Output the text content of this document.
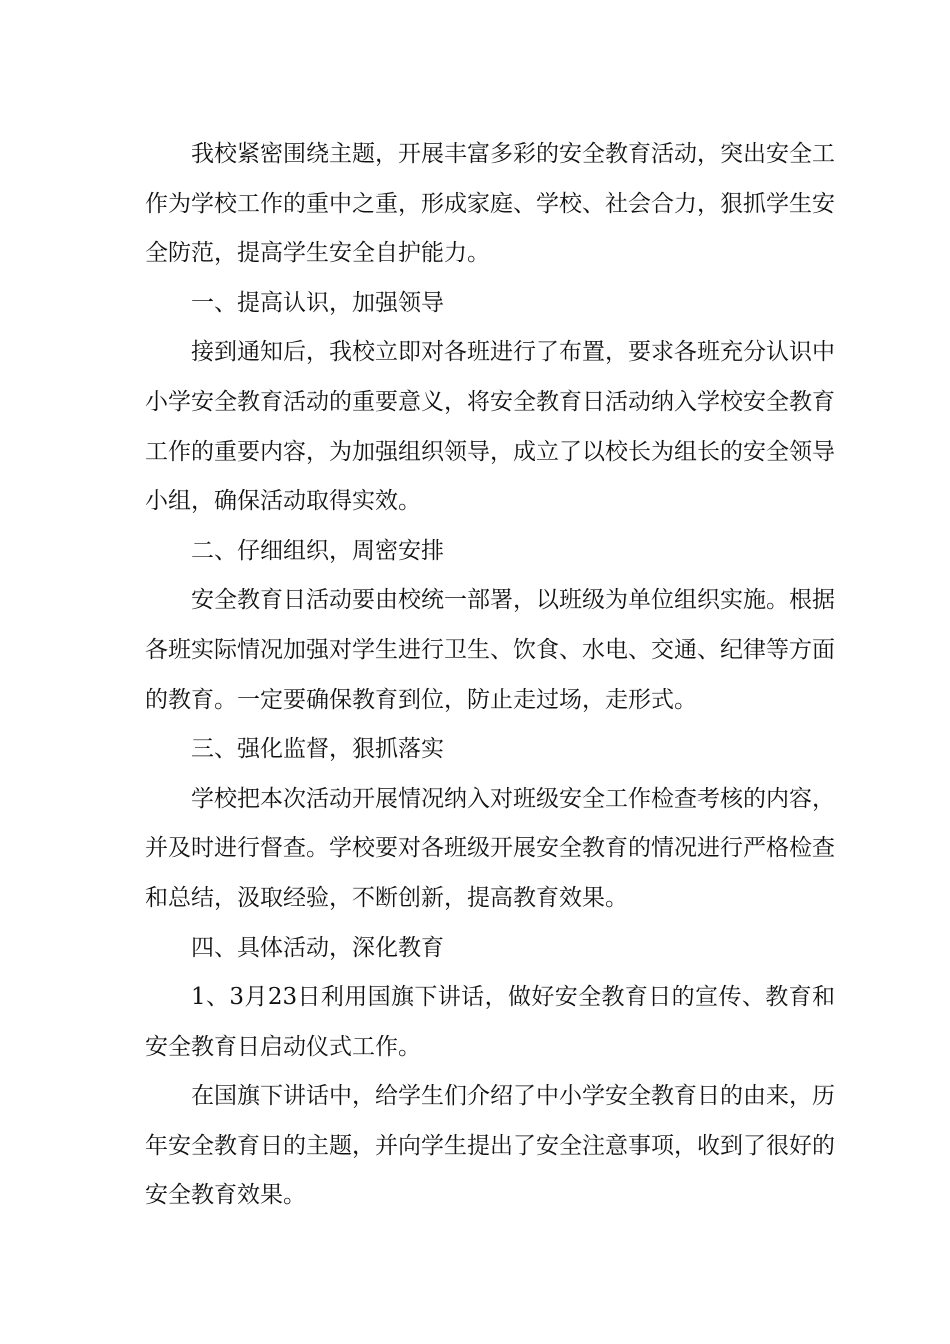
我校紧密围绕主题，开展丰富多彩的安全教育活动，突出安全工作为学校工作的重中之重，形成家庭、学校、社会合力，狠抓学生安全防范，提高学生安全自护能力。

一、提高认识，加强领导

接到通知后，我校立即对各班进行了布置，要求各班充分认识中小学安全教育活动的重要意义，将安全教育日活动纳入学校安全教育工作的重要内容，为加强组织领导，成立了以校长为组长的安全领导小组，确保活动取得实效。

二、仔细组织，周密安排

安全教育日活动要由校统一部署，以班级为单位组织实施。根据各班实际情况加强对学生进行卫生、饮食、水电、交通、纪律等方面的教育。一定要确保教育到位，防止走过场，走形式。

三、强化监督，狠抓落实

学校把本次活动开展情况纳入对班级安全工作检查考核的内容，并及时进行督查。学校要对各班级开展安全教育的情况进行严格检查和总结，汲取经验，不断创新，提高教育效果。

四、具体活动，深化教育

1、3月23日利用国旗下讲话，做好安全教育日的宣传、教育和安全教育日启动仪式工作。

在国旗下讲话中，给学生们介绍了中小学安全教育日的由来，历年安全教育日的主题，并向学生提出了安全注意事项，收到了很好的安全教育效果。
